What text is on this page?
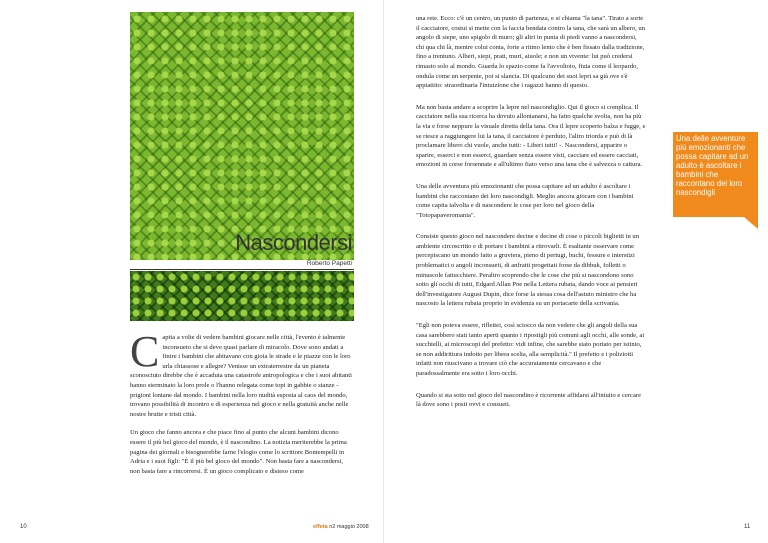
Nascondersi
Roberto Papetti

Capita a volte di vedere bambini giocare nelle città, l'evento è talmente inconsueto che si deve quasi parlare di miracolo. Dove sono andati a finire i bambini che abitavano con gioia le strade e le piazze con le loro urla chiassose e allegre? Venisse un extraterrestre da un pianeta sconosciuto direbbe che è accaduta una catastrofe antropologica e che i suoi abitanti hanno sterminato la loro prole o l'hanno relegata come topi in gabbie o stanze - prigioni lontane dal mondo. I bambini nella loro nudità esposta al caos del mondo, trovano possibilità di incontro e di esperienza nel gioco e nella gratuità anche nelle nostre brutte e tristi città.

Un gioco che fanno ancora e che piace fino al punto che alcuni bambini dicono essere il più bel gioco del mondo, è il nascondino. La notizia meriterebbe la prima pagina dei giornali e bisognerebbe farne l'elogio come lo scrittore Bontempelli in Adria e i suoi figli: "È il più bel gioco del mondo". Non basta fare a nascondersi, non basta fare a rincorrersi. È un gioco complicato e disteso come

10	effeta n2 maggio 2008	11

una rete. Ecco: c'è un centro, un punto di partenza, e si chiama "la tana". Tirato a sorte il cacciatore, costui si mette con la faccia bendata contro la tana, che sarà un albero, un angolo di siepe, uno spigolo di muro; gli altri in punta di piedi vanno a nascondersi, chi qua chi là, mentre colui conta, forte a ritmo lento che è ben fissato dalla tradizione, fino a trentuno. Alberi, siepi, prati, muri, aiuole; e non un vivente: lui può credersi rimasto solo al mondo. Guarda lo spazio come fa l'avvoltoio, fiuta come il leopardo, ondula come un serpente, poi si slancia. Di qualcuno dei suoi lepri sa già ove s'è appiattito: straordinaria l'intuizione che i ragazzi hanno di questo.

Ma non basta andare a scoprire la lepre nel nascondiglio. Qui il gioco si complica. Il cacciatore nella sua ricerca ha dovuto allontanarsi, ha fatto qualche svolta, non ha più la via e forse neppure la visuale diretta della tana. Ora il lepre scoperto balza e fugge, e se riesce a raggiungere lui la tana, il cacciatore è perduto, l'altro trionfa e può di là proclamare libero chi vuole, anche tutti: - Liberi tutti! -. Nascondersi, apparire o sparire, esserci e non esserci, guardare senza essere visti, cacciare ed essere cacciati, emozioni in corse forsennate e all'ultimo fiato verso una tana che è salvezza o cattura.

Una delle avventura più emozionanti che possa capitare ad un adulto è ascoltare i bambini che raccontano dei loro nascondigli. Meglio ancora giocare con i bambini come capita talvolta e di nascondere le cose per loro nel gioco della "Totopapaveromania".

Consiste questo gioco nel nascondere decine e decine di cose o piccoli biglietti in un ambiente circoscritto e di portare i bambini a ritrovarli. È esaltante osservare come percepiscano un mondo fatto a gruviera, pieno di pertugi, buchi, fessure e interstizi problematici o angoli inconsueti, di anfratti progettati forse da dibbuk, folletti o minuscole fattucchiere. Peraltro scoprendo che le cose che più si nascondono sono sotto gli occhi di tutti, Edgard Allan Poe nella Lettera rubata, dando voce ai pensieri dell'investigatore August Dupin, dice forse la stessa cosa dell'astuto ministro che ha nascosto la lettera rubata proprio in evidenza su un portacarte della scrivania.

"Egli non poteva essere, riflettei, così sciocco da non vedere che gli angoli della sua casa sarebbero stati tanto aperti quanto i ripostigli più comuni agli occhi, alle sonde, ai succhielli, ai microscopi del prefetto: vidi infine, che sarebbe stato portato per istinto, se non addirittura indotto per libera scelta, alla semplicità." Il prefetto e i poliziotti infatti non riuscivano a trovare ciò che accuratamente cercavano e che paradossalmente era sotto i loro occhi.

Quando si sta sotto nel gioco del nascondino è ricorrente affidarsi all'intuito e cercare là dove sono i posti ovvi e consueti.

Una delle avventure più emozionanti che possa capitare ad un adulto è ascoltare i bambini che raccontano dei loro nascondigli
